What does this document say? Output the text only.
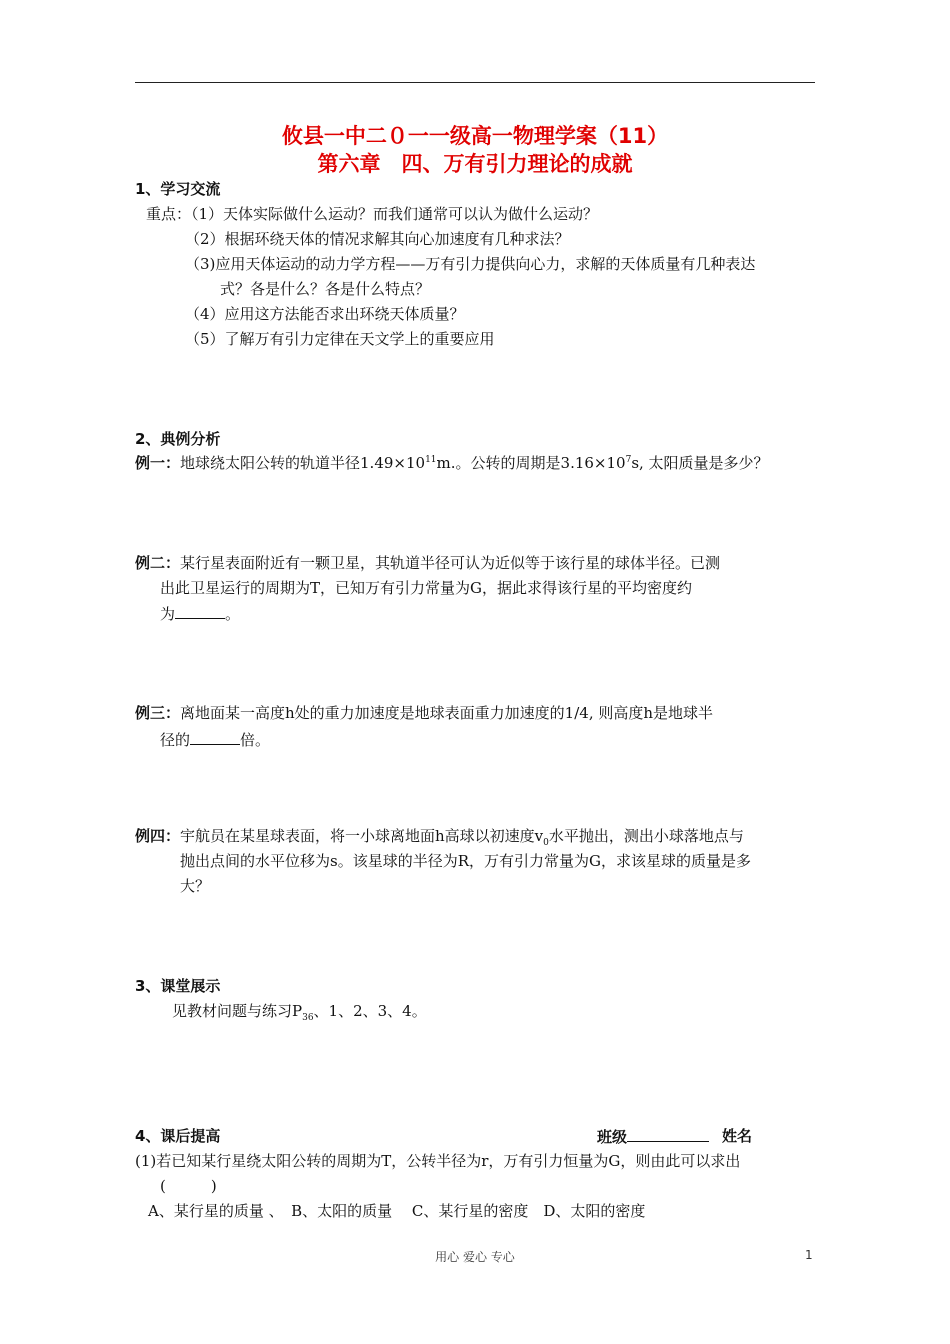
攸县一中二０一一级高一物理学案（11）
第六章　四、万有引力理论的成就
1、学习交流
重点：（1）天体实际做什么运动？而我们通常可以认为做什么运动？
（2）根据环绕天体的情况求解其向心加速度有几种求法？
（3)应用天体运动的动力学方程——万有引力提供向心力，求解的天体质量有几种表达
式？各是什么？各是什么特点？
（4）应用这方法能否求出环绕天体质量？
（5）了解万有引力定律在天文学上的重要应用
2、典例分析
例一：地球绕太阳公转的轨道半径$1.49\times 10^{11}m$.。公转的周期是$3.16\times 10^7s$, 太阳质量是多少？
例二：某行星表面附近有一颗卫星，其轨道半径可认为近似等于该行星的球体半径。已测
出此卫星运行的周期为T，已知万有引力常量为G，据此求得该行星的平均密度约
为	。
例三：离地面某一高度h处的重力加速度是地球表面重力加速度的1/4, 则高度h是地球半
径的	倍。
例四：宇航员在某星球表面，将一小球离地面h高球以初速度$v_0$水平抛出，测出小球落地点与
抛出点间的水平位移为s。该星球的半径为R，万有引力常量为G，求该星球的质量是多
大？
3、课堂展示
见教材问题与练习$P_{36}$、1、2、3、4。
4、课后提高	班级	姓名
(1)若已知某行星绕太阳公转的周期为T，公转半径为r，万有引力恒量为G，则由此可以求出
(　　　)
A、某行星的质量 、　B、太阳的质量　 C、某行星的密度　D、太阳的密度
用心 爱心 专心	1
